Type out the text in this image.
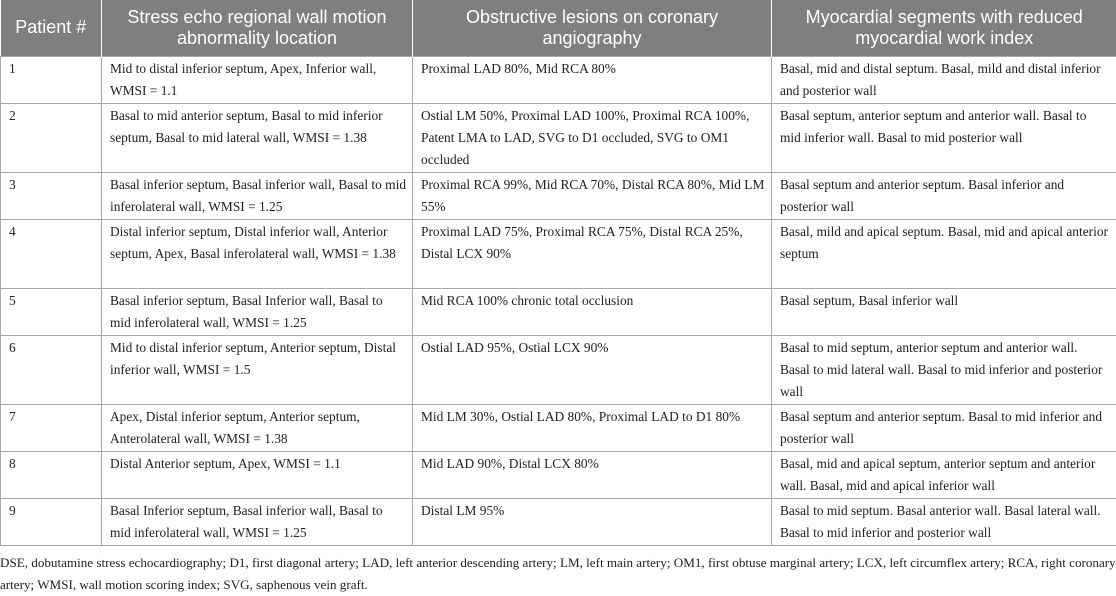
Patient #	Stress echo regional wall motion abnormality location	Obstructive lesions on coronary angiography	Myocardial segments with reduced myocardial work index
1	Mid to distal inferior septum, Apex, Inferior wall, WMSI = 1.1	Proximal LAD 80%, Mid RCA 80%	Basal, mid and distal septum. Basal, mild and distal inferior and posterior wall
2	Basal to mid anterior septum, Basal to mid inferior septum, Basal to mid lateral wall, WMSI = 1.38	Ostial LM 50%, Proximal LAD 100%, Proximal RCA 100%, Patent LMA to LAD, SVG to D1 occluded, SVG to OM1 occluded	Basal septum, anterior septum and anterior wall. Basal to mid inferior wall. Basal to mid posterior wall
3	Basal inferior septum, Basal inferior wall, Basal to mid inferolateral wall, WMSI = 1.25	Proximal RCA 99%, Mid RCA 70%, Distal RCA 80%, Mid LM 55%	Basal septum and anterior septum. Basal inferior and posterior wall
4	Distal inferior septum, Distal inferior wall, Anterior septum, Apex, Basal inferolateral wall, WMSI = 1.38	Proximal LAD 75%, Proximal RCA 75%, Distal RCA 25%, Distal LCX 90%	Basal, mild and apical septum. Basal, mid and apical anterior septum
5	Basal inferior septum, Basal Inferior wall, Basal to mid inferolateral wall, WMSI = 1.25	Mid RCA 100% chronic total occlusion	Basal septum, Basal inferior wall
6	Mid to distal inferior septum, Anterior septum, Distal inferior wall, WMSI = 1.5	Ostial LAD 95%, Ostial LCX 90%	Basal to mid septum, anterior septum and anterior wall. Basal to mid lateral wall. Basal to mid inferior and posterior wall
7	Apex, Distal inferior septum, Anterior septum, Anterolateral wall, WMSI = 1.38	Mid LM 30%, Ostial LAD 80%, Proximal LAD to D1 80%	Basal septum and anterior septum. Basal to mid inferior and posterior wall
8	Distal Anterior septum, Apex, WMSI = 1.1	Mid LAD 90%, Distal LCX 80%	Basal, mid and apical septum, anterior septum and anterior wall. Basal, mid and apical inferior wall
9	Basal Inferior septum, Basal inferior wall, Basal to mid inferolateral wall, WMSI = 1.25	Distal LM 95%	Basal to mid septum. Basal anterior wall. Basal lateral wall. Basal to mid inferior and posterior wall

DSE, dobutamine stress echocardiography; D1, first diagonal artery; LAD, left anterior descending artery; LM, left main artery; OM1, first obtuse marginal artery; LCX, left circumflex artery; RCA, right coronary artery; WMSI, wall motion scoring index; SVG, saphenous vein graft.
